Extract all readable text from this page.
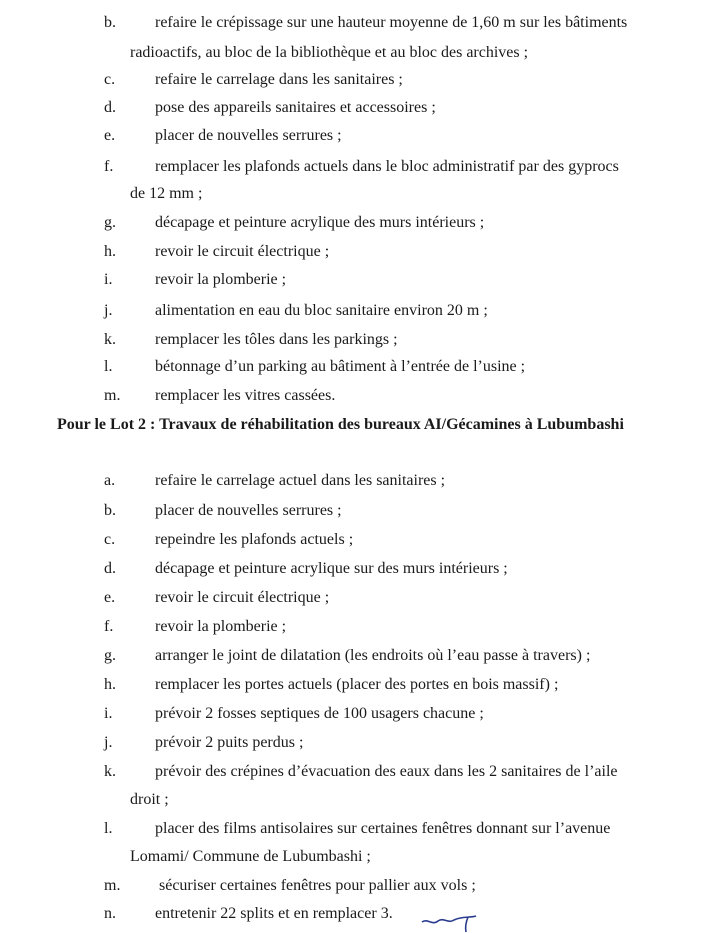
b. refaire le crépissage sur une hauteur moyenne de 1,60 m sur les bâtiments
radioactifs, au bloc de la bibliothèque et au bloc des archives ;
c. refaire le carrelage dans les sanitaires ;
d. pose des appareils sanitaires et accessoires ;
e. placer de nouvelles serrures ;
f.	remplacer les plafonds actuels dans le bloc administratif par des gyprocs
de 12 mm ;
g. décapage et peinture acrylique des murs intérieurs ;
h. revoir le circuit électrique ;
i.	revoir la plomberie ;
j.	alimentation en eau du bloc sanitaire environ 20 m ;
k. remplacer les tôles dans les parkings ;
l.	bétonnage d’un parking au bâtiment à l’entrée de l’usine ;
m. remplacer les vitres cassées.
Pour le Lot 2 : Travaux de réhabilitation des bureaux AI/Gécamines à Lubumbashi
a. refaire le carrelage actuel dans les sanitaires ;
b. placer de nouvelles serrures ;
c. repeindre les plafonds actuels ;
d. décapage et peinture acrylique sur des murs intérieurs ;
e. revoir le circuit électrique ;
f.	revoir la plomberie ;
g. arranger le joint de dilatation (les endroits où l’eau passe à travers) ;
h. remplacer les portes actuels (placer des portes en bois massif) ;
i.	prévoir 2 fosses septiques de 100 usagers chacune ;
j.	prévoir 2 puits perdus ;
k. prévoir des crépines d’évacuation des eaux dans les 2 sanitaires de l’aile
droit ;
l.	placer des films antisolaires sur certaines fenêtres donnant sur l’avenue
Lomami/ Commune de Lubumbashi ;
m. sécuriser certaines fenêtres pour pallier aux vols ;
n. entretenir 22 splits et en remplacer 3.
